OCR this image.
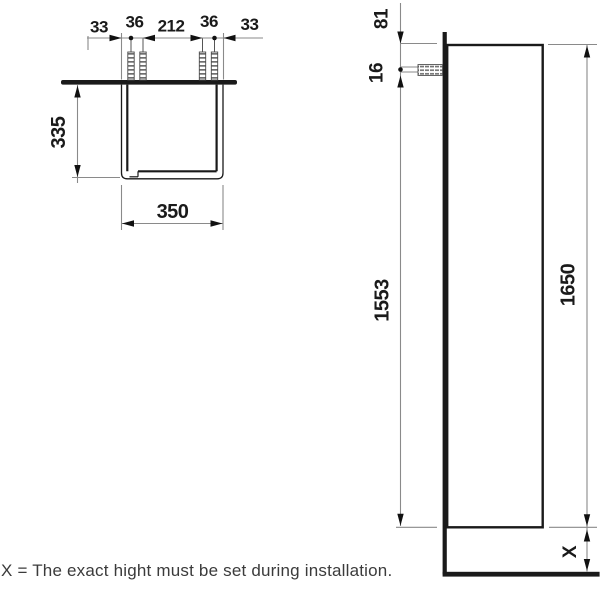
33 36 212 36 33
335
350
81
16
1553	1650
X
X = The exact hight must be set during installation.
